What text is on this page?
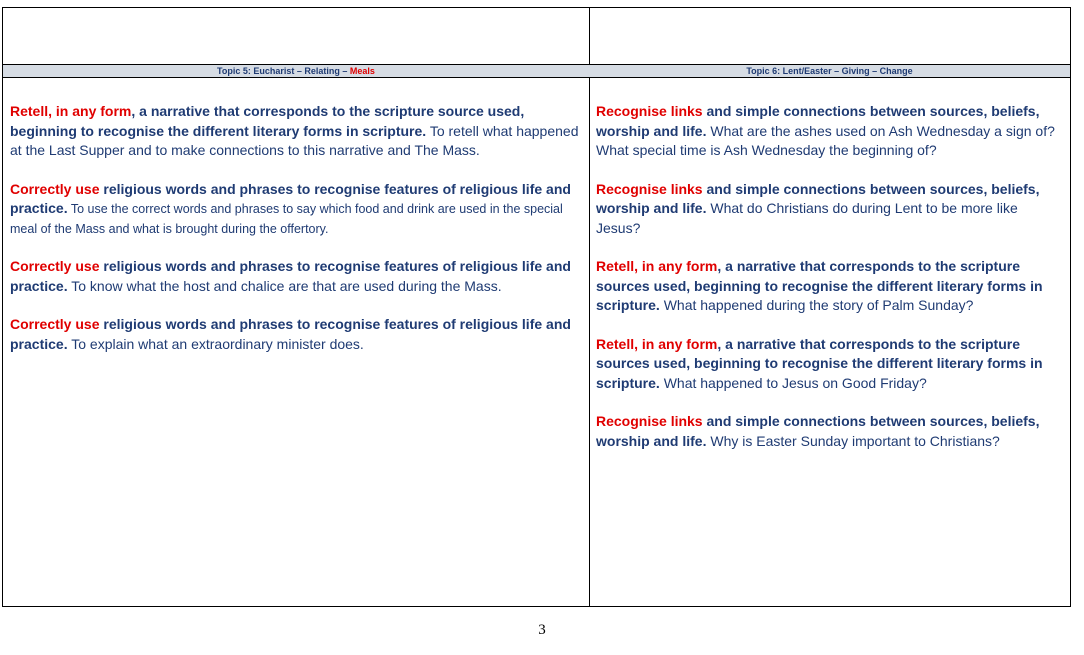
Topic 5: Eucharist – Relating – Meals

Retell, in any form, a narrative that corresponds to the scripture source used, beginning to recognise the different literary forms in scripture. To retell what happened at the Last Supper and to make connections to this narrative and The Mass.

Correctly use religious words and phrases to recognise features of religious life and practice. To use the correct words and phrases to say which food and drink are used in the special meal of the Mass and what is brought during the offertory.

Correctly use religious words and phrases to recognise features of religious life and practice. To know what the host and chalice are that are used during the Mass.

Correctly use religious words and phrases to recognise features of religious life and practice. To explain what an extraordinary minister does.

Topic 6: Lent/Easter – Giving – Change

Recognise links and simple connections between sources, beliefs, worship and life. What are the ashes used on Ash Wednesday a sign of? What special time is Ash Wednesday the beginning of?

Recognise links and simple connections between sources, beliefs, worship and life. What do Christians do during Lent to be more like Jesus?

Retell, in any form, a narrative that corresponds to the scripture sources used, beginning to recognise the different literary forms in scripture. What happened during the story of Palm Sunday?

Retell, in any form, a narrative that corresponds to the scripture sources used, beginning to recognise the different literary forms in scripture. What happened to Jesus on Good Friday?

Recognise links and simple connections between sources, beliefs, worship and life. Why is Easter Sunday important to Christians?

3
